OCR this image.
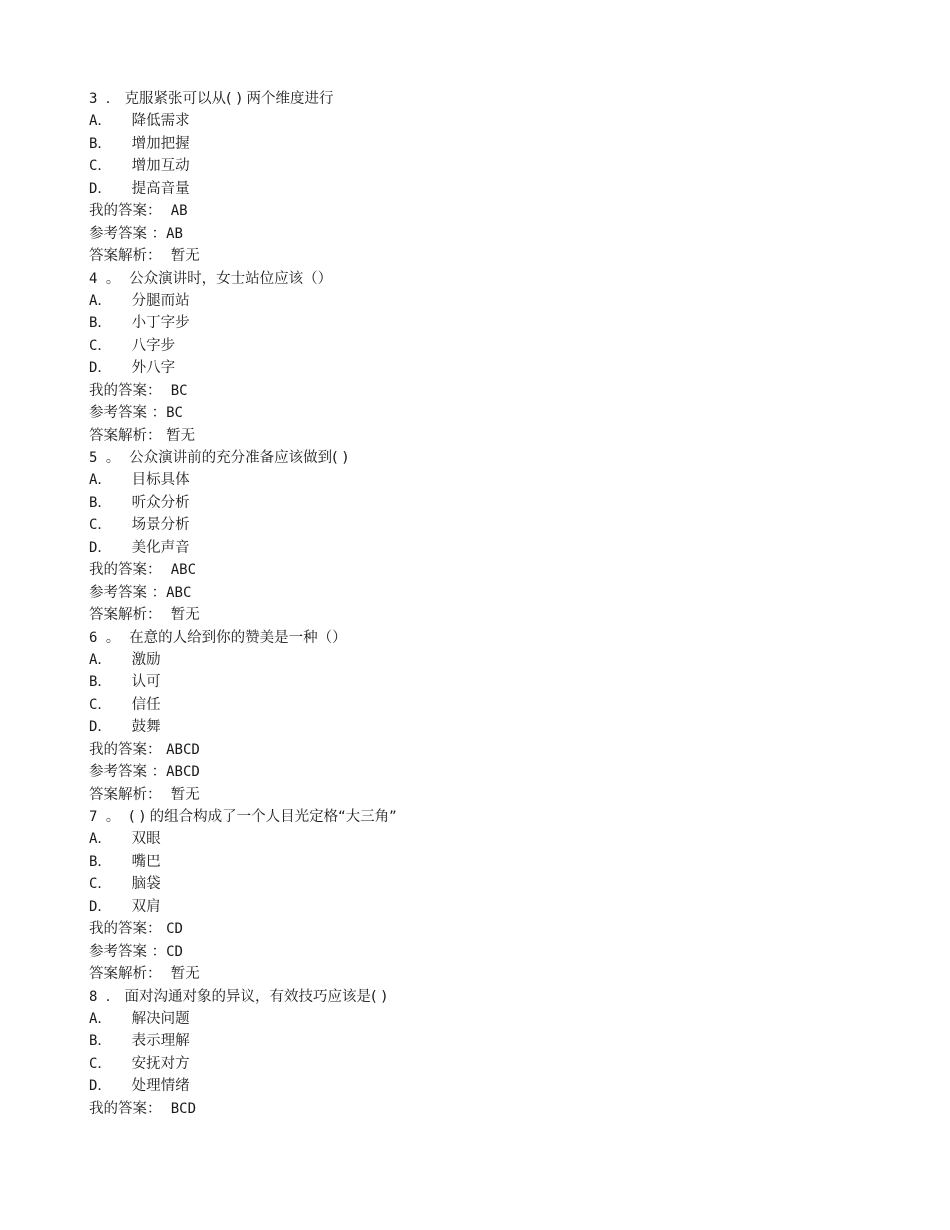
3 ． 克服紧张可以从( ) 两个维度进行
A． 降低需求
B． 增加把握
C． 增加互动
D． 提高音量
我的答案： AB
参考答案 ：AB
答案解析： 暂无
4 。 公众演讲时，女士站位应该（）
A． 分腿而站
B． 小丁字步
C． 八字步
D． 外八字
我的答案： BC
参考答案 ：BC
答案解析： 暂无
5 。 公众演讲前的充分准备应该做到( )
A． 目标具体
B． 听众分析
C． 场景分析
D． 美化声音
我的答案： ABC
参考答案 ：ABC
答案解析： 暂无
6 。 在意的人给到你的赞美是一种（）
A． 激励
B． 认可
C． 信任
D． 鼓舞
我的答案： ABCD
参考答案 ：ABCD
答案解析： 暂无
7 。 ( ) 的组合构成了一个人目光定格“大三角”
A． 双眼
B． 嘴巴
C． 脑袋
D． 双肩
我的答案： CD
参考答案 ：CD
答案解析： 暂无
8 ． 面对沟通对象的异议，有效技巧应该是( )
A． 解决问题
B． 表示理解
C． 安抚对方
D． 处理情绪
我的答案： BCD
